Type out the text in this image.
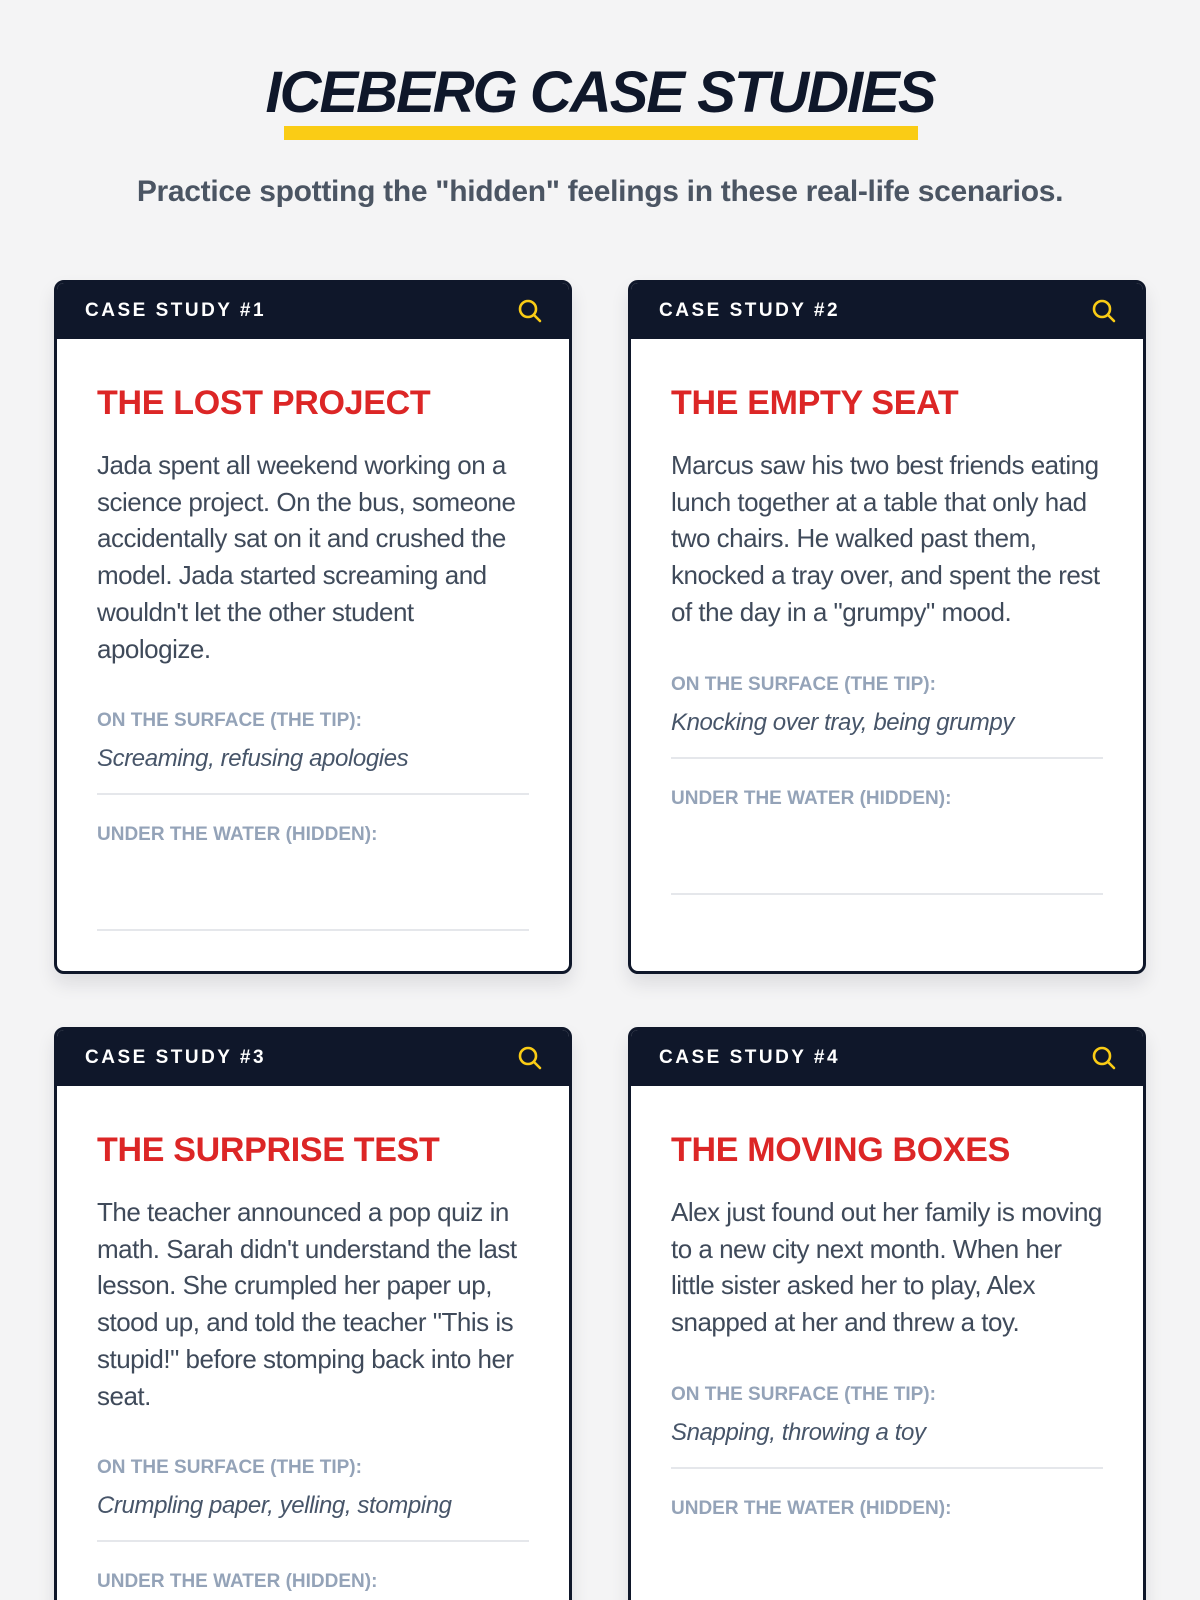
ICEBERG CASE STUDIES
Practice spotting the "hidden" feelings in these real-life scenarios.
CASE STUDY #1
THE LOST PROJECT
Jada spent all weekend working on a science project. On the bus, someone accidentally sat on it and crushed the model. Jada started screaming and wouldn't let the other student apologize.
ON THE SURFACE (THE TIP):
Screaming, refusing apologies
UNDER THE WATER (HIDDEN):
CASE STUDY #2
THE EMPTY SEAT
Marcus saw his two best friends eating lunch together at a table that only had two chairs. He walked past them, knocked a tray over, and spent the rest of the day in a "grumpy" mood.
ON THE SURFACE (THE TIP):
Knocking over tray, being grumpy
UNDER THE WATER (HIDDEN):
CASE STUDY #3
THE SURPRISE TEST
The teacher announced a pop quiz in math. Sarah didn't understand the last lesson. She crumpled her paper up, stood up, and told the teacher "This is stupid!" before stomping back into her seat.
ON THE SURFACE (THE TIP):
Crumpling paper, yelling, stomping
UNDER THE WATER (HIDDEN):
CASE STUDY #4
THE MOVING BOXES
Alex just found out her family is moving to a new city next month. When her little sister asked her to play, Alex snapped at her and threw a toy.
ON THE SURFACE (THE TIP):
Snapping, throwing a toy
UNDER THE WATER (HIDDEN):
